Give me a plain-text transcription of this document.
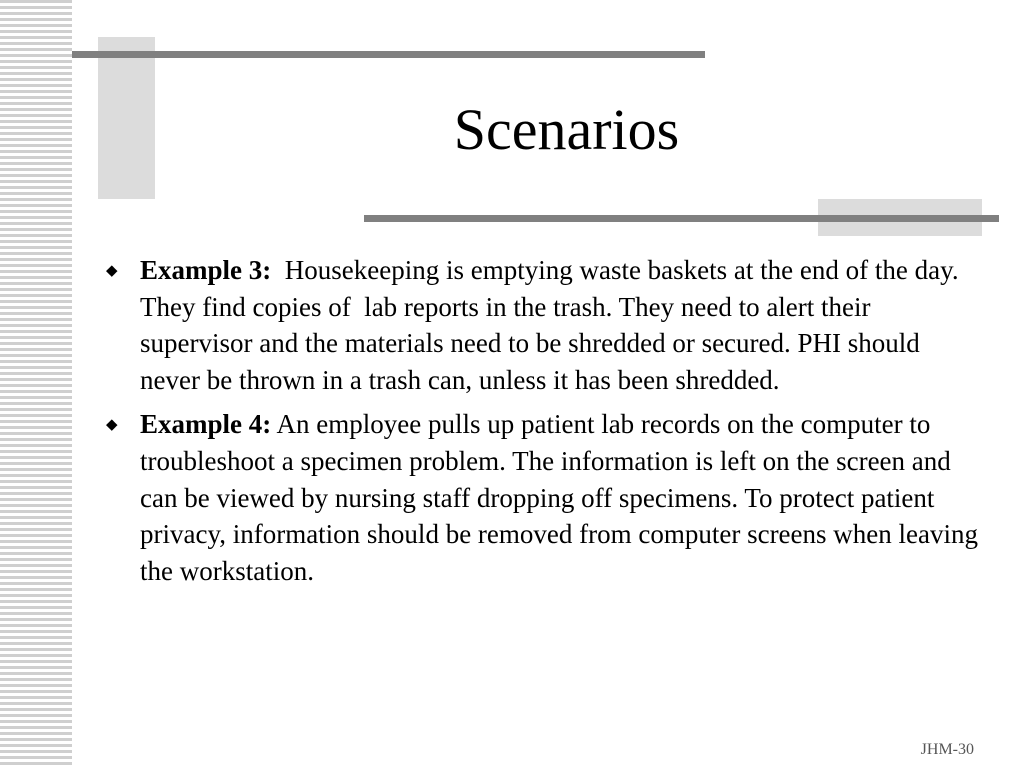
Scenarios
◆ Example 3:  Housekeeping is emptying waste baskets at the end of the day. They find copies of  lab reports in the trash. They need to alert their supervisor and the materials need to be shredded or secured. PHI should never be thrown in a trash can, unless it has been shredded.
◆ Example 4: An employee pulls up patient lab records on the computer to troubleshoot a specimen problem. The information is left on the screen and can be viewed by nursing staff dropping off specimens. To protect patient privacy, information should be removed from computer screens when leaving the workstation.
JHM-30
